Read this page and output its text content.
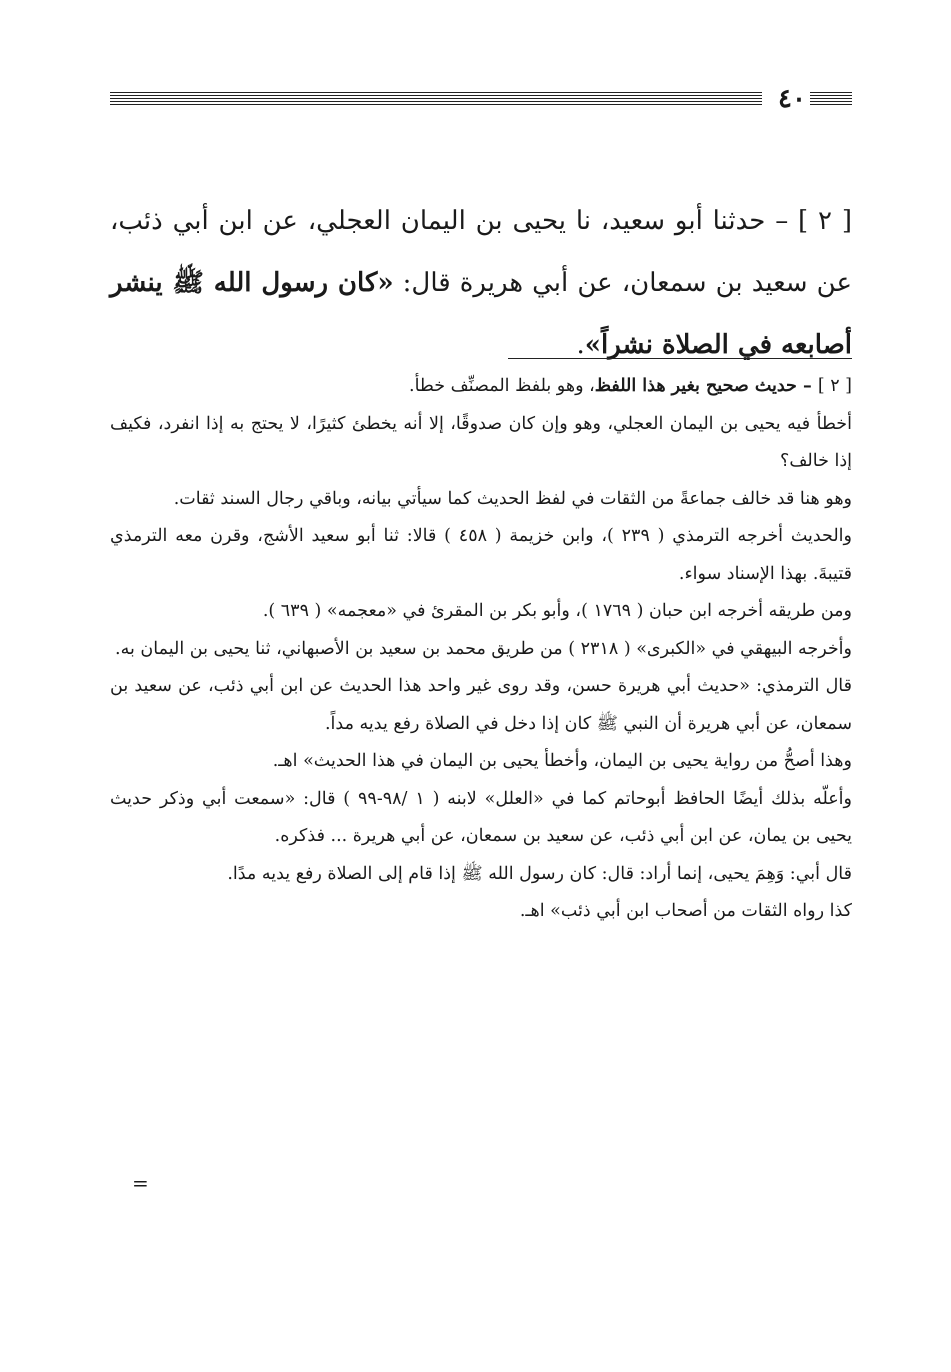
٤٠

[ ٢ ] – حدثنا أبو سعيد، نا يحيى بن اليمان العجلي، عن ابن أبي ذئب، عن سعيد بن سمعان، عن أبي هريرة قال: «كان رسول الله ﷺ ينشر أصابعه في الصلاة نشراً».

[ ٢ ] – حديث صحيح بغير هذا اللفظ، وهو بلفظ المصنِّف خطأ.

أخطأ فيه يحيى بن اليمان العجلي، وهو وإن كان صدوقًا، إلا أنه يخطئ كثيرًا، لا يحتج به إذا انفرد، فكيف إذا خالف؟

وهو هنا قد خالف جماعةً من الثقات في لفظ الحديث كما سيأتي بيانه، وباقي رجال السند ثقات.

والحديث أخرجه الترمذي ( ٢٣٩ )، وابن خزيمة ( ٤٥٨ ) قالا: ثنا أبو سعيد الأشج، وقرن معه الترمذي قتيبةَ. بهذا الإسناد سواء.

ومن طريقه أخرجه ابن حبان ( ١٧٦٩ )، وأبو بكر بن المقرئ في «معجمه» ( ٦٣٩ ).

وأخرجه البيهقي في «الكبرى» ( ٢٣١٨ ) من طريق محمد بن سعيد بن الأصبهاني، ثنا يحيى بن اليمان به.

قال الترمذي: «حديث أبي هريرة حسن، وقد روى غير واحد هذا الحديث عن ابن أبي ذئب، عن سعيد بن سمعان، عن أبي هريرة أن النبي ﷺ كان إذا دخل في الصلاة رفع يديه مداً.

وهذا أصحُّ من رواية يحيى بن اليمان، وأخطأ يحيى بن اليمان في هذا الحديث» اهـ.

وأعلّه بذلك أيضًا الحافظ أبوحاتم كما في «العلل» لابنه ( ١ /٩٨-٩٩ ) قال: «سمعت أبي وذكر حديث يحيى بن يمان، عن ابن أبي ذئب، عن سعيد بن سمعان، عن أبي هريرة ... فذكره.

قال أبي: وَهِمَ يحيى، إنما أراد: قال: كان رسول الله ﷺ إذا قام إلى الصلاة رفع يديه مدًا.

كذا رواه الثقات من أصحاب ابن أبي ذئب» اهـ.

=
